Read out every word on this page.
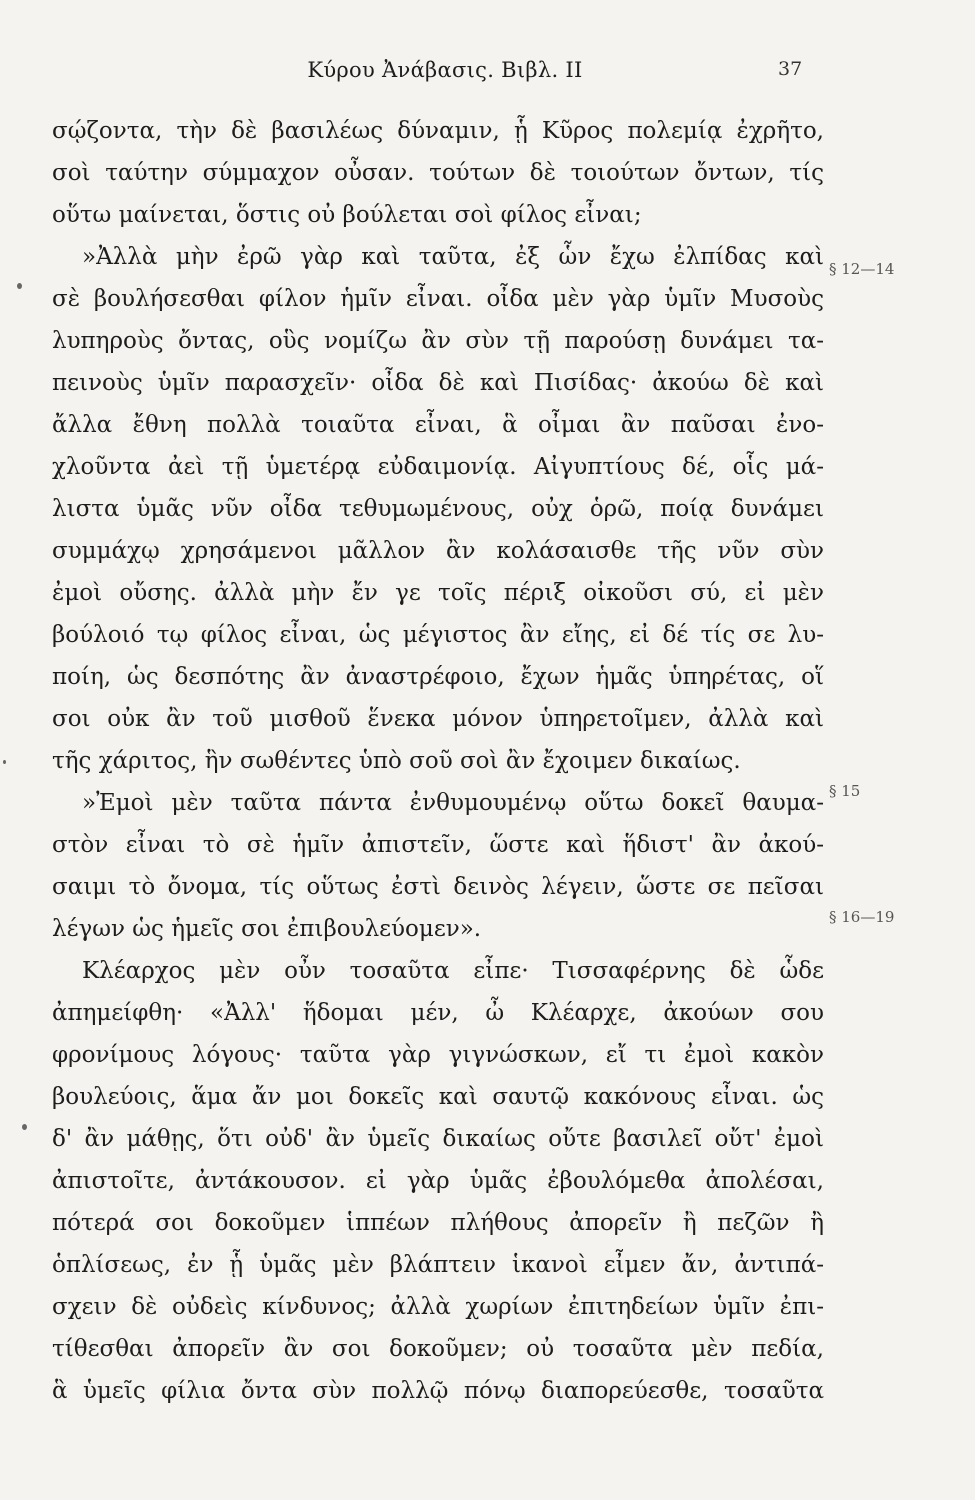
Κύρου Ἀνάβασις. Βιβλ. II	37
σῴζοντα, τὴν δὲ βασιλέως δύναμιν, ᾗ Κῦρος πολεμίᾳ ἐχρῆτο,
σοὶ ταύτην σύμμαχον οὖσαν. τούτων δὲ τοιούτων ὄντων, τίς
οὕτω μαίνεται, ὅστις οὐ βούλεται σοὶ φίλος εἶναι;
»Ἀλλὰ μὴν ἐρῶ γὰρ καὶ ταῦτα, ἐξ ὧν ἔχω ἐλπίδας καὶ
σὲ βουλήσεσθαι φίλον ἡμῖν εἶναι. οἶδα μὲν γὰρ ὑμῖν Μυσοὺς
λυπηροὺς ὄντας, οὓς νομίζω ἂν σὺν τῇ παρούσῃ δυνάμει τα-
πεινοὺς ὑμῖν παρασχεῖν· οἶδα δὲ καὶ Πισίδας· ἀκούω δὲ καὶ
ἄλλα ἔθνη πολλὰ τοιαῦτα εἶναι, ἃ οἶμαι ἂν παῦσαι ἐνο-
χλοῦντα ἀεὶ τῇ ὑμετέρᾳ εὐδαιμονίᾳ. Αἰγυπτίους δέ, οἷς μά-
λιστα ὑμᾶς νῦν οἶδα τεθυμωμένους, οὐχ ὁρῶ, ποίᾳ δυνάμει
συμμάχῳ χρησάμενοι μᾶλλον ἂν κολάσαισθε τῆς νῦν σὺν
ἐμοὶ οὔσης. ἀλλὰ μὴν ἔν γε τοῖς πέριξ οἰκοῦσι σύ, εἰ μὲν
βούλοιό τῳ φίλος εἶναι, ὡς μέγιστος ἂν εἴης, εἰ δέ τίς σε λυ-
ποίη, ὡς δεσπότης ἂν ἀναστρέφοιο, ἔχων ἡμᾶς ὑπηρέτας, οἵ
σοι οὐκ ἂν τοῦ μισθοῦ ἕνεκα μόνον ὑπηρετοῖμεν, ἀλλὰ καὶ
τῆς χάριτος, ἣν σωθέντες ὑπὸ σοῦ σοὶ ἂν ἔχοιμεν δικαίως.
»Ἐμοὶ μὲν ταῦτα πάντα ἐνθυμουμένῳ οὕτω δοκεῖ θαυμα-
στὸν εἶναι τὸ σὲ ἡμῖν ἀπιστεῖν, ὥστε καὶ ἥδιστ' ἂν ἀκού-
σαιμι τὸ ὄνομα, τίς οὕτως ἐστὶ δεινὸς λέγειν, ὥστε σε πεῖσαι
λέγων ὡς ἡμεῖς σοι ἐπιβουλεύομεν».
Κλέαρχος μὲν οὖν τοσαῦτα εἶπε· Τισσαφέρνης δὲ ὧδε
ἀπημείφθη· «Ἀλλ' ἥδομαι μέν, ὦ Κλέαρχε, ἀκούων σου
φρονίμους λόγους· ταῦτα γὰρ γιγνώσκων, εἴ τι ἐμοὶ κακὸν
βουλεύοις, ἅμα ἄν μοι δοκεῖς καὶ σαυτῷ κακόνους εἶναι. ὡς
δ' ἂν μάθῃς, ὅτι οὐδ' ἂν ὑμεῖς δικαίως οὔτε βασιλεῖ οὔτ' ἐμοὶ
ἀπιστοῖτε, ἀντάκουσον. εἰ γὰρ ὑμᾶς ἐβουλόμεθα ἀπολέσαι,
πότερά σοι δοκοῦμεν ἱππέων πλήθους ἀπορεῖν ἢ πεζῶν ἢ
ὁπλίσεως, ἐν ᾗ ὑμᾶς μὲν βλάπτειν ἱκανοὶ εἶμεν ἄν, ἀντιπά-
σχειν δὲ οὐδεὶς κίνδυνος; ἀλλὰ χωρίων ἐπιτηδείων ὑμῖν ἐπι-
τίθεσθαι ἀπορεῖν ἂν σοι δοκοῦμεν; οὐ τοσαῦτα μὲν πεδία,
ἃ ὑμεῖς φίλια ὄντα σὺν πολλῷ πόνῳ διαπορεύεσθε, τοσαῦτα
§ 12—14
§ 15
§ 16—19
